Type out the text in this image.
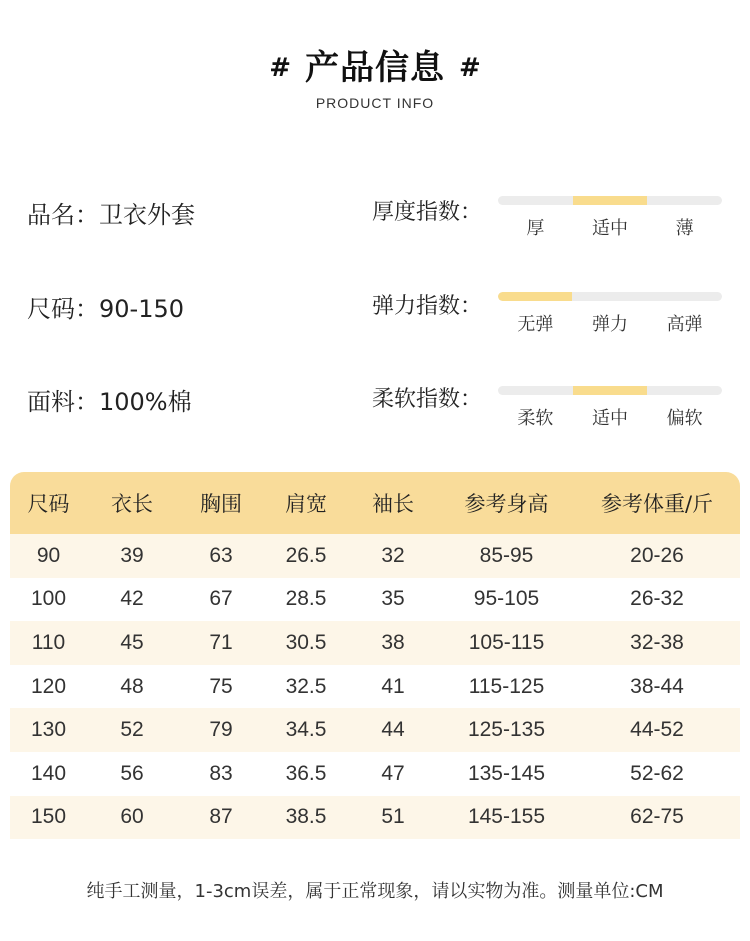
# 产品信息 #
PRODUCT INFO
品名：卫衣外套	厚度指数：
厚	适中	薄
尺码：90-150	弹力指数：
无弹	弹力	高弹
面料：100%棉	柔软指数：
柔软	适中	偏软
尺码	衣长	胸围	肩宽	袖长	参考身高	参考体重/斤
90	39	63	26.5	32	85-95	20-26
100	42	67	28.5	35	95-105	26-32
110	45	71	30.5	38	105-115	32-38
120	48	75	32.5	41	115-125	38-44
130	52	79	34.5	44	125-135	44-52
140	56	83	36.5	47	135-145	52-62
150	60	87	38.5	51	145-155	62-75
纯手工测量，1-3cm误差，属于正常现象，请以实物为准。测量单位:CM
